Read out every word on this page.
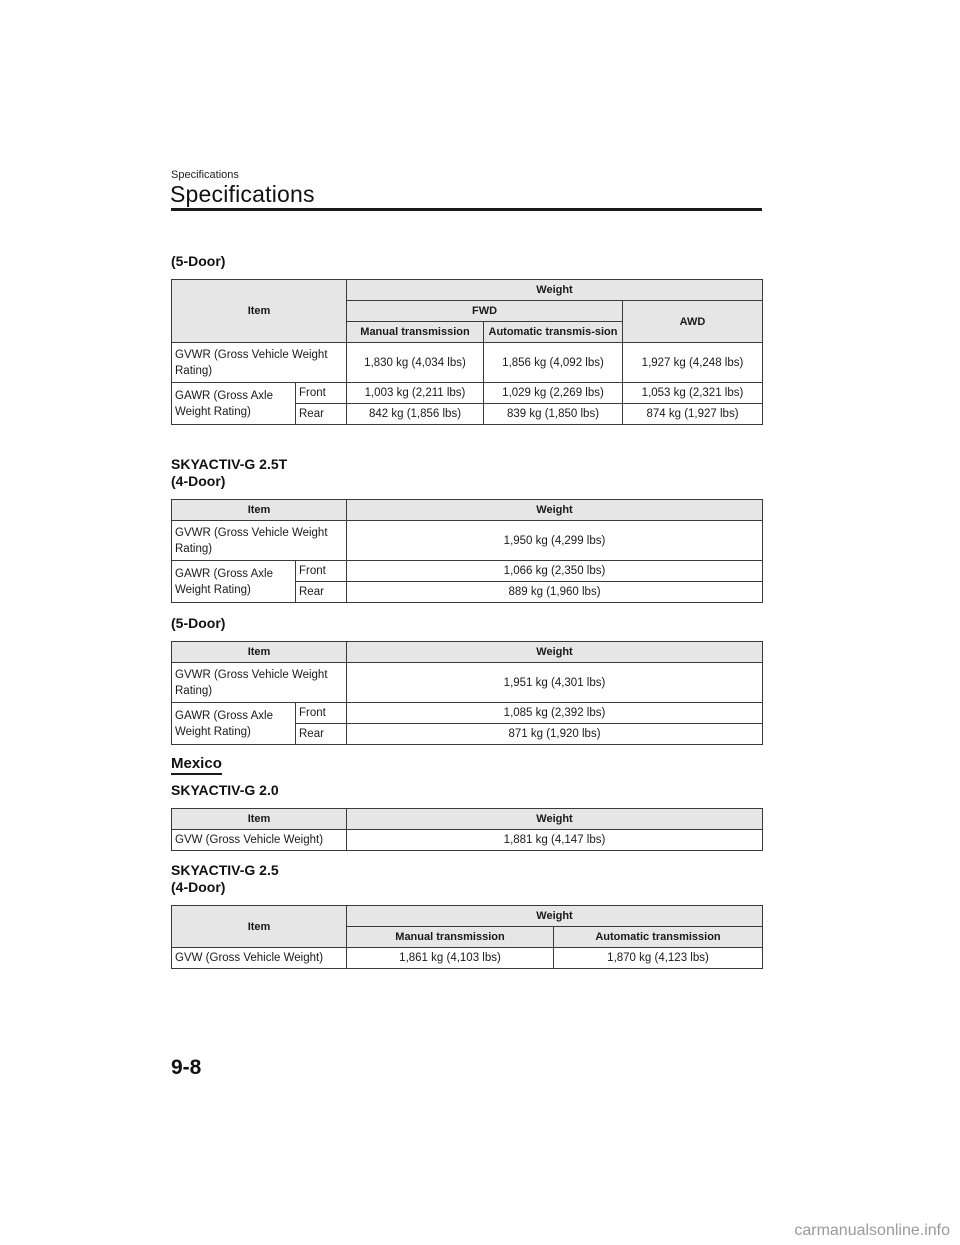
Specifications
Specifications
(5-Door)
Item		Weight		
		FWD		AWD
		Manual transmission	Automatic transmis-sion	
GVWR (Gross Vehicle Weight Rating)		1,830 kg (4,034 lbs)	1,856 kg (4,092 lbs)	1,927 kg (4,248 lbs)
GAWR (Gross Axle Weight Rating)	Front	1,003 kg (2,211 lbs)	1,029 kg (2,269 lbs)	1,053 kg (2,321 lbs)
	Rear	842 kg (1,856 lbs)	839 kg (1,850 lbs)	874 kg (1,927 lbs)
SKYACTIV-G 2.5T
(4-Door)
Item		Weight
GVWR (Gross Vehicle Weight Rating)		1,950 kg (4,299 lbs)
GAWR (Gross Axle Weight Rating)	Front	1,066 kg (2,350 lbs)
	Rear	889 kg (1,960 lbs)
(5-Door)
Item		Weight
GVWR (Gross Vehicle Weight Rating)		1,951 kg (4,301 lbs)
GAWR (Gross Axle Weight Rating)	Front	1,085 kg (2,392 lbs)
	Rear	871 kg (1,920 lbs)
Mexico
SKYACTIV-G 2.0
Item	Weight
GVW (Gross Vehicle Weight)	1,881 kg (4,147 lbs)
SKYACTIV-G 2.5
(4-Door)
Item	Weight	
	Manual transmission	Automatic transmission
GVW (Gross Vehicle Weight)	1,861 kg (4,103 lbs)	1,870 kg (4,123 lbs)
9-8
carmanualsonline.info
